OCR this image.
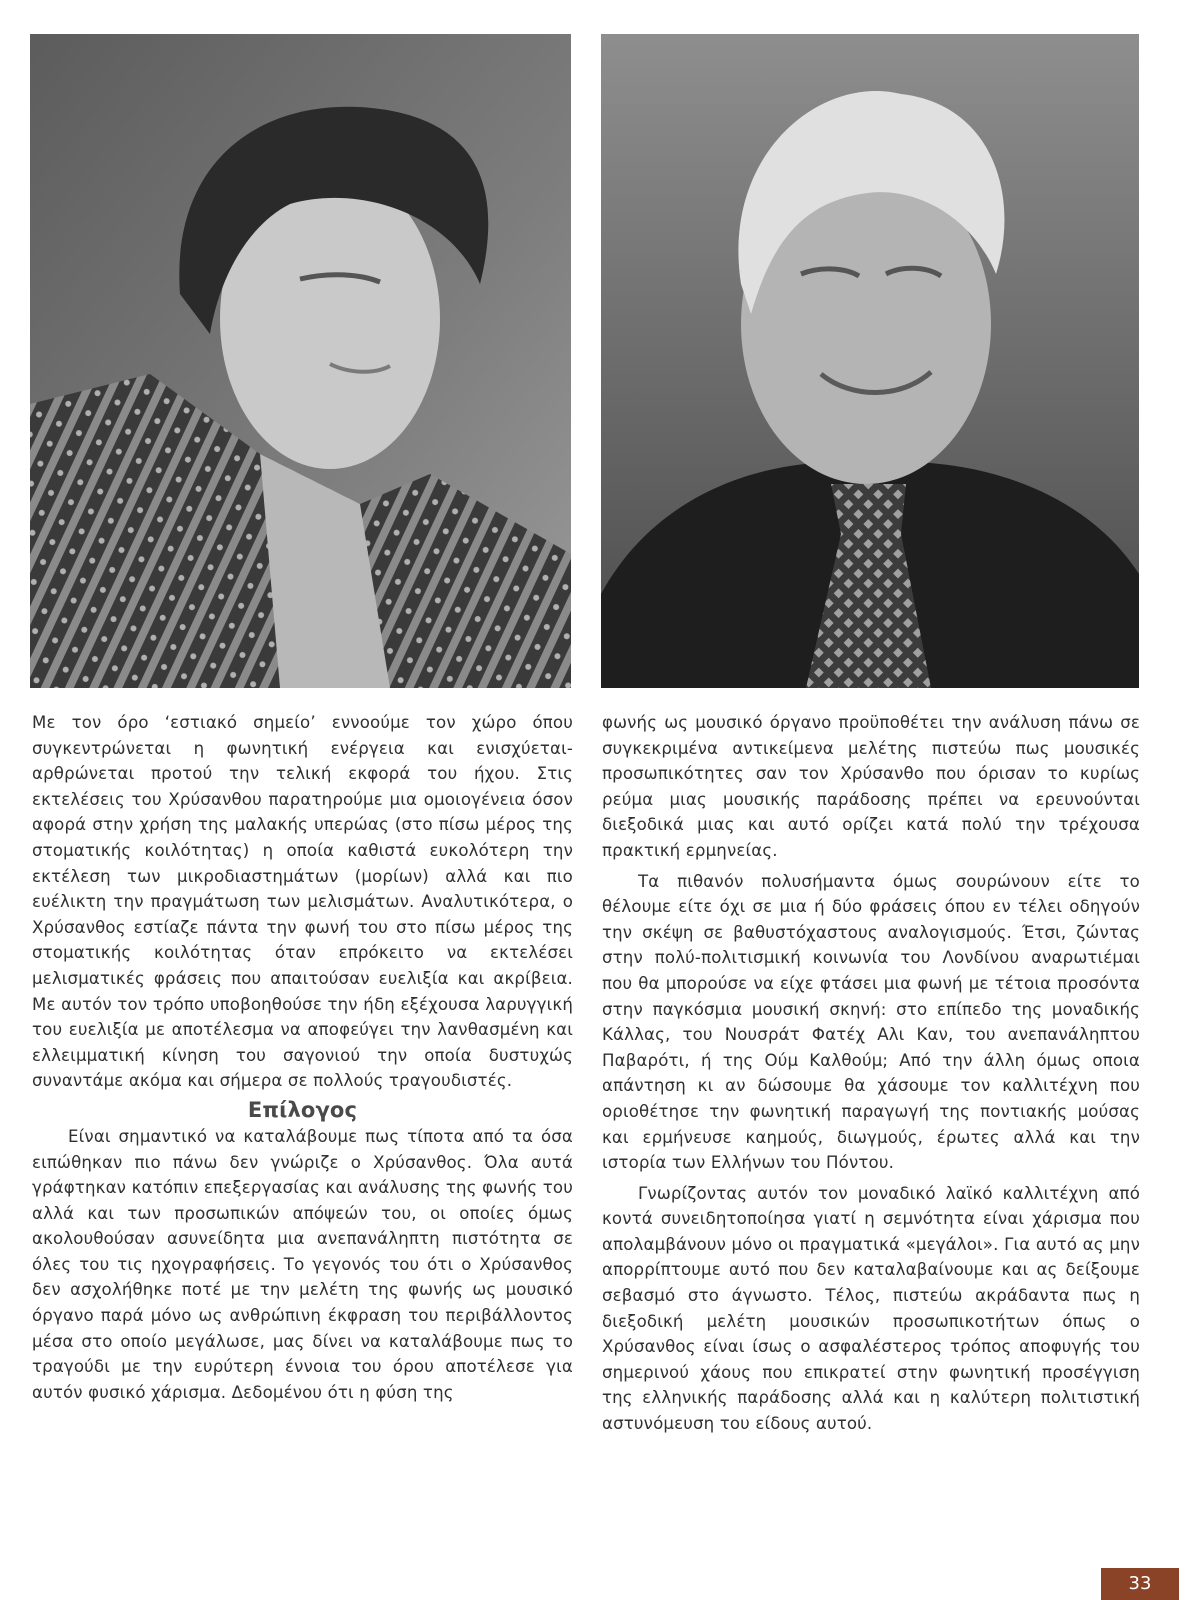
Με τον όρο ‘εστιακό σημείο’ εννοούμε τον χώρο όπου συγκεντρώνεται η φωνητική ενέργεια και ενισχύεται-αρθρώνεται προτού την τελική εκφορά του ήχου. Στις εκτελέσεις του Χρύσανθου παρατηρούμε μια ομοιογένεια όσον αφορά στην χρήση της μαλακής υπερώας (στο πίσω μέρος της στοματικής κοιλότητας) η οποία καθιστά ευκολότερη την εκτέλεση των μικροδιαστημάτων (μορίων) αλλά και πιο ευέλικτη την πραγμάτωση των μελισμάτων. Αναλυτικότερα, ο Χρύσανθος εστίαζε πάντα την φωνή του στο πίσω μέρος της στοματικής κοιλότητας όταν επρόκειτο να εκτελέσει μελισματικές φράσεις που απαιτούσαν ευελιξία και ακρίβεια. Με αυτόν τον τρόπο υποβοηθούσε την ήδη εξέχουσα λαρυγγική του ευελιξία με αποτέλεσμα να αποφεύγει την λανθασμένη και ελλειμματική κίνηση του σαγονιού την οποία δυστυχώς συναντάμε ακόμα και σήμερα σε πολλούς τραγουδιστές.

Επίλογος

Είναι σημαντικό να καταλάβουμε πως τίποτα από τα όσα ειπώθηκαν πιο πάνω δεν γνώριζε ο Χρύσανθος. Όλα αυτά γράφτηκαν κατόπιν επεξεργασίας και ανάλυσης της φωνής του αλλά και των προσωπικών απόψεών του, οι οποίες όμως ακολουθούσαν ασυνείδητα μια ανεπανάληπτη πιστότητα σε όλες του τις ηχογραφήσεις. Το γεγονός του ότι ο Χρύσανθος δεν ασχολήθηκε ποτέ με την μελέτη της φωνής ως μουσικό όργανο παρά μόνο ως ανθρώπινη έκφραση του περιβάλλοντος μέσα στο οποίο μεγάλωσε, μας δίνει να καταλάβουμε πως το τραγούδι με την ευρύτερη έννοια του όρου αποτέλεσε για αυτόν φυσικό χάρισμα. Δεδομένου ότι η φύση της

φωνής ως μουσικό όργανο προϋποθέτει την ανάλυση πάνω σε συγκεκριμένα αντικείμενα μελέτης πιστεύω πως μουσικές προσωπικότητες σαν τον Χρύσανθο που όρισαν το κυρίως ρεύμα μιας μουσικής παράδοσης πρέπει να ερευνούνται διεξοδικά μιας και αυτό ορίζει κατά πολύ την τρέχουσα πρακτική ερμηνείας.

Τα πιθανόν πολυσήμαντα όμως σουρώνουν είτε το θέλουμε είτε όχι σε μια ή δύο φράσεις όπου εν τέλει οδηγούν την σκέψη σε βαθυστόχαστους αναλογισμούς. Έτσι, ζώντας στην πολύ-πολιτισμική κοινωνία του Λονδίνου αναρωτιέμαι που θα μπορούσε να είχε φτάσει μια φωνή με τέτοια προσόντα στην παγκόσμια μουσική σκηνή: στο επίπεδο της μοναδικής Κάλλας, του Νουσράτ Φατέχ Αλι Καν, του ανεπανάληπτου Παβαρότι, ή της Ούμ Καλθούμ; Από την άλλη όμως οποια απάντηση κι αν δώσουμε θα χάσουμε τον καλλιτέχνη που οριοθέτησε την φωνητική παραγωγή της ποντιακής μούσας και ερμήνευσε καημούς, διωγμούς, έρωτες αλλά και την ιστορία των Ελλήνων του Πόντου.

Γνωρίζοντας αυτόν τον μοναδικό λαϊκό καλλιτέχνη από κοντά συνειδητοποίησα γιατί η σεμνότητα είναι χάρισμα που απολαμβάνουν μόνο οι πραγματικά «μεγάλοι». Για αυτό ας μην απορρίπτουμε αυτό που δεν καταλαβαίνουμε και ας δείξουμε σεβασμό στο άγνωστο. Τέλος, πιστεύω ακράδαντα πως η διεξοδική μελέτη μουσικών προσωπικοτήτων όπως ο Χρύσανθος είναι ίσως ο ασφαλέστερος τρόπος αποφυγής του σημερινού χάους που επικρατεί στην φωνητική προσέγγιση της ελληνικής παράδοσης αλλά και η καλύτερη πολιτιστική αστυνόμευση του είδους αυτού.

33
